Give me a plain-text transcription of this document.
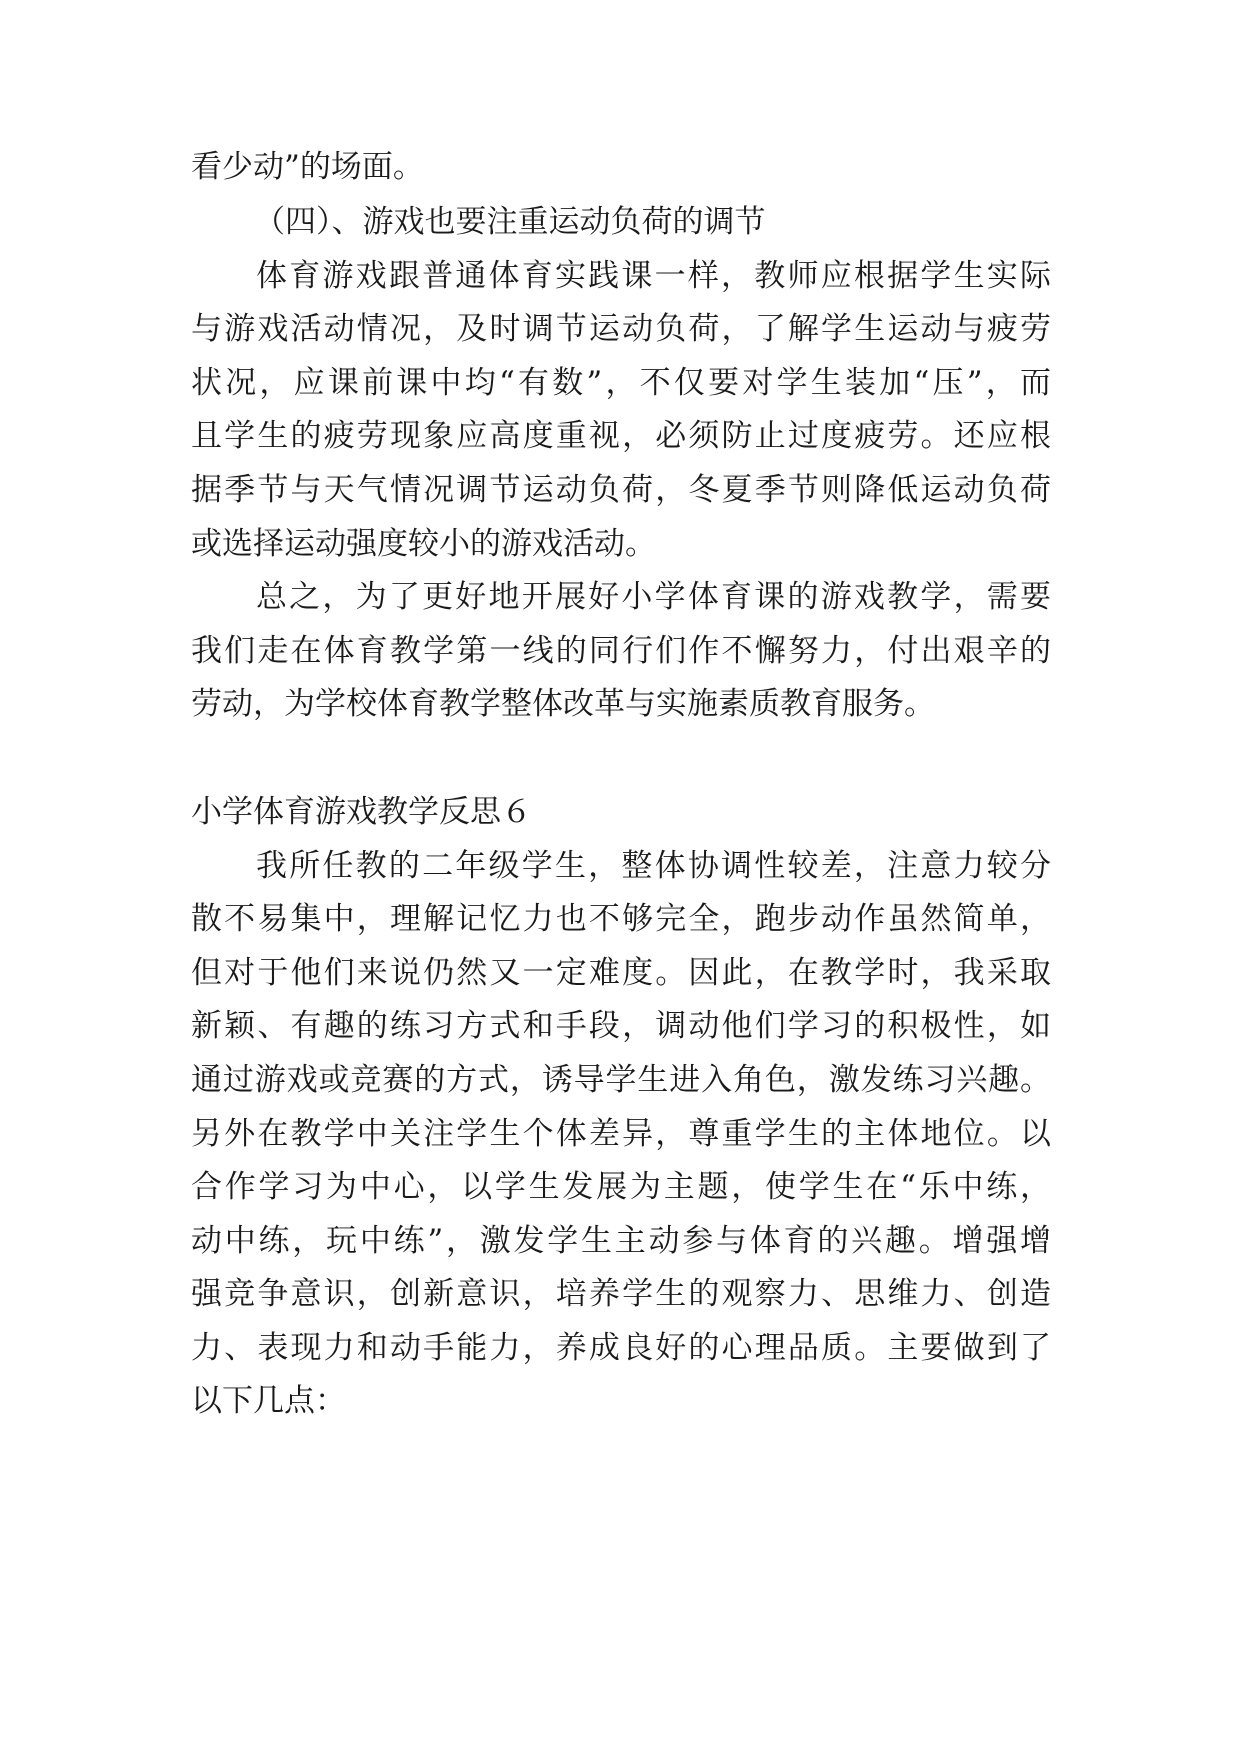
看少动”的场面。
（四）、游戏也要注重运动负荷的调节
体育游戏跟普通体育实践课一样，教师应根据学生实际
与游戏活动情况，及时调节运动负荷，了解学生运动与疲劳
状况，应课前课中均“有数”，不仅要对学生装加“压”，而
且学生的疲劳现象应高度重视，必须防止过度疲劳。还应根
据季节与天气情况调节运动负荷，冬夏季节则降低运动负荷
或选择运动强度较小的游戏活动。
总之，为了更好地开展好小学体育课的游戏教学，需要
我们走在体育教学第一线的同行们作不懈努力，付出艰辛的
劳动，为学校体育教学整体改革与实施素质教育服务。
小学体育游戏教学反思６
我所任教的二年级学生，整体协调性较差，注意力较分
散不易集中，理解记忆力也不够完全，跑步动作虽然简单，
但对于他们来说仍然又一定难度。因此，在教学时，我采取
新颖、有趣的练习方式和手段，调动他们学习的积极性，如
通过游戏或竞赛的方式，诱导学生进入角色，激发练习兴趣。
另外在教学中关注学生个体差异，尊重学生的主体地位。以
合作学习为中心，以学生发展为主题，使学生在“乐中练，
动中练，玩中练”，激发学生主动参与体育的兴趣。增强增
强竞争意识，创新意识，培养学生的观察力、思维力、创造
力、表现力和动手能力，养成良好的心理品质。主要做到了
以下几点：
